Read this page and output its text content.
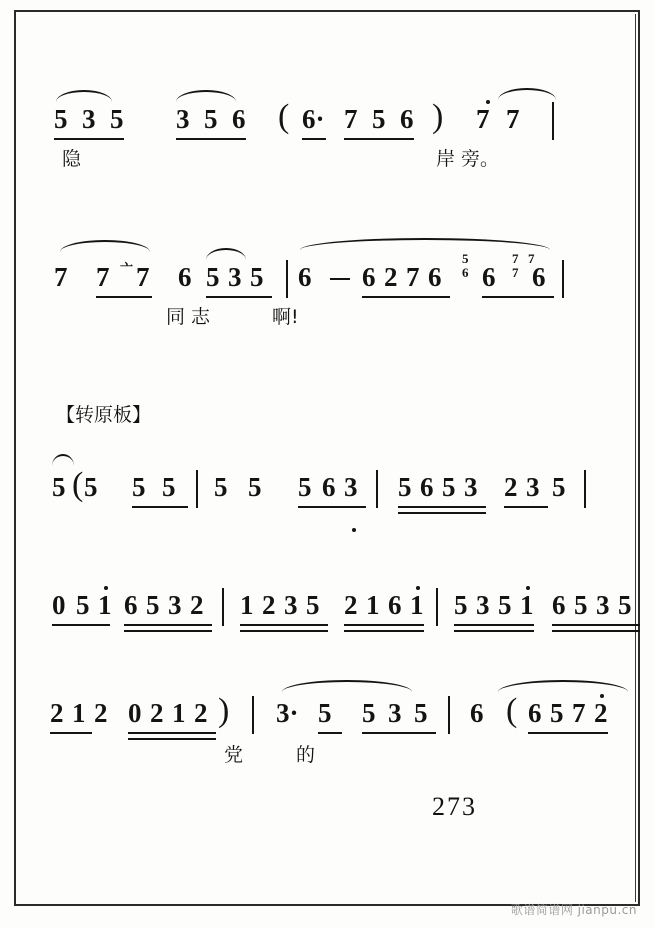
5 3 5 3 5 6 ( 6· 7 5 6 ) 7 7
隐	岸 旁。
7 7 亠 7 6 5 3 5 6 6 2 7 6
5
6 6
7 7
7 6
同 志	啊!
【转原板】
5 ( 5 5 5 5 5 5 6 3 5 6 5 3 2 3 5
0 5 1 6 5 3 2 1 2 3 5 2 1 6 1 5 3 5 1 6 5 3 5
2 1 2 0 2 1 2 ) 3· 5 5 3 5 6 ( 6 5 7 2
党	的
273
歌谱简谱网 jianpu.cn
